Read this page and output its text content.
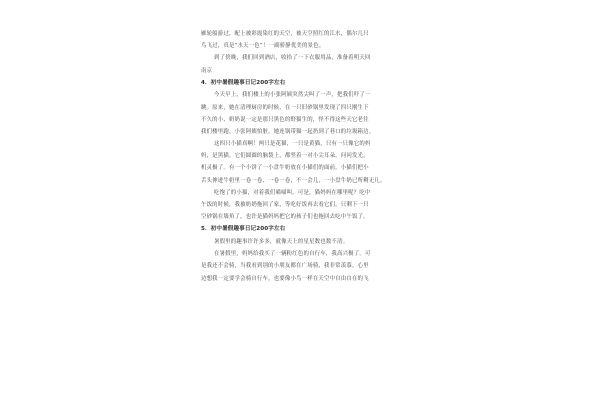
雁轮船游过，配上被彩霞染红的天空，被天空照红的江水，偶尔几只
鸟飞过，真是“水天一色”！一副骄静优美的景色。
到了傍晚，我们回到酒店，收拾了一下衣服用品，准备着明天回
南京
4．初中暑假趣事日记200字左右
今天早上，我们楼上的小张阿姨突然尖叫了一声，把我们吓了一
跳。原来，她在清理厨房的时候，在一只旧砂锅里发现了四只刚生下
不久的小、奶奶说一定是那只黑色的野猫生的，怪不得这些天它老往
我们楼里跑。小张阿姨怕脏，她连锅带猫一起扔到了巷口的垃圾箱边。
这四只小猫真啊！两只是花猫，一只是黄猫，只有一只像它的妈
妈，是黑猫。它们圆圆的脑袋上，都竖着一对小尖耳朵，问问发光，
机灵极了。有一个小饼了一小盘牛奶放在小猫们的面前，小猫们把小
舌头伸进牛奶里一卷一卷、一卷一卷，不一会儿，一小盘牛奶已所剩无几。
吃饱了的小猫，对着我们喵喵叫。可是，猫妈妈在哪里呢？吃中
午饭的时候，我被奶奶拖回了家，等吃好饭再去看它们，只剩下一只
空砂锅在墙角了，也许是猫妈妈把它的孩子们也拖回去吃中午饭了。
5．初中暑假趣事日记200字左右
暑假里的趣事许许多多，就像天上的星星数也数不清。
在暑假里，妈妈给我买了一辆粉红色的自行车，我高兴极了。可
是我还不会骑，当我看到别的小朋友都在广场骑，我非常羡慕。心里
边想我一定要学会骑自行车，也要像小鸟一样在天空中自由自在的飞
